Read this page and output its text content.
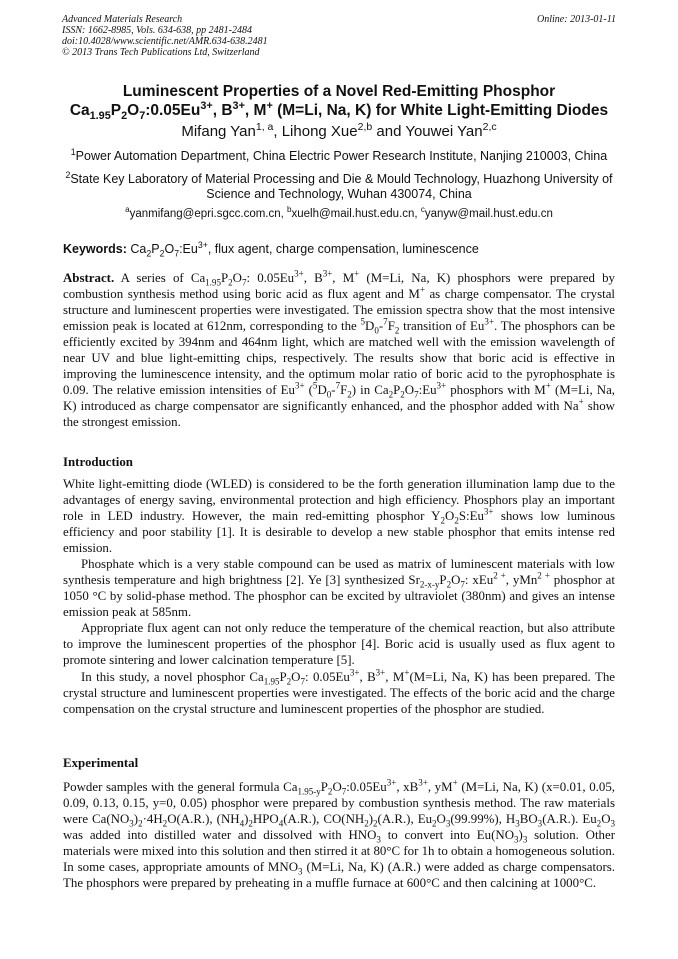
Advanced Materials Research
ISSN: 1662-8985, Vols. 634-638, pp 2481-2484
doi:10.4028/www.scientific.net/AMR.634-638.2481
© 2013 Trans Tech Publications Ltd, Switzerland
Online: 2013-01-11
Luminescent Properties of a Novel Red-Emitting Phosphor
$Ca_{1.95}P_2O_7:0.05Eu^{3+}$, $B^{3+}$, M+ (M=Li, Na, K) for White Light-Emitting Diodes
Mifang Yan$^{1, a}$, Lihong Xue$^{2,b}$ and Youwei Yan$^{2,c}$
$^1$Power Automation Department, China Electric Power Research Institute, Nanjing 210003, China
$^2$State Key Laboratory of Material Processing and Die & Mould Technology, Huazhong University of Science and Technology, Wuhan 430074, China
$^a$yanmifang@epri.sgcc.com.cn, $^b$xuelh@mail.hust.edu.cn, $^c$yanyw@mail.hust.edu.cn
Keywords: $Ca_2P_2O_7:Eu^{3+}$, flux agent, charge compensation, luminescence
Abstract. A series of $Ca_{1.95}P_2O_7$: $0.05Eu^{3+}$, $B^{3+}$, M+ (M=Li, Na, K) phosphors were prepared by combustion synthesis method using boric acid as flux agent and M+ as charge compensator. The crystal structure and luminescent properties were investigated. The emission spectra show that the most intensive emission peak is located at 612nm, corresponding to the $^5D_0-^7F_2$ transition of $Eu^{3+}$. The phosphors can be efficiently excited by 394nm and 464nm light, which are matched well with the emission wavelength of near UV and blue light-emitting chips, respectively. The results show that boric acid is effective in improving the luminescence intensity, and the optimum molar ratio of boric acid to the pyrophosphate is 0.09. The relative emission intensities of $Eu^{3+}$ $(^5D_0-^7F_2)$ in $Ca_2P_2O_7:Eu^{3+}$ phosphors with M+ (M=Li, Na, K) introduced as charge compensator are significantly enhanced, and the phosphor added with Na+ show the strongest emission.
Introduction
White light-emitting diode (WLED) is considered to be the forth generation illumination lamp due to the advantages of energy saving, environmental protection and high efficiency. Phosphors play an important role in LED industry. However, the main red-emitting phosphor $Y_2O_2S:Eu^{3+}$ shows low luminous efficiency and poor stability [1]. It is desirable to develop a new stable phosphor that emits intense red emission.
Phosphate which is a very stable compound can be used as matrix of luminescent materials with low synthesis temperature and high brightness [2]. Ye [3] synthesized $Sr_{2-x-y}P_2O_7$: xEu$^{2 +}$, yMn$^{2 +}$ phosphor at 1050 °C by solid-phase method. The phosphor can be excited by ultraviolet (380nm) and gives an intense emission peak at 585nm.
Appropriate flux agent can not only reduce the temperature of the chemical reaction, but also attribute to improve the luminescent properties of the phosphor [4]. Boric acid is usually used as flux agent to promote sintering and lower calcination temperature [5].
In this study, a novel phosphor $Ca_{1.95}P_2O_7$: $0.05Eu^{3+}$, $B^{3+}$, M+(M=Li, Na, K) has been prepared. The crystal structure and luminescent properties were investigated. The effects of the boric acid and the charge compensation on the crystal structure and luminescent properties of the phosphor are studied.
Experimental
Powder samples with the general formula $Ca_{1.95-y}P_2O_7:0.05Eu^{3+}$, $xB^{3+}$, yM+ (M=Li, Na, K) (x=0.01, 0.05, 0.09, 0.13, 0.15, y=0, 0.05) phosphor were prepared by combustion synthesis method. The raw materials were $Ca(NO_3)_2\cdot 4H_2O(A.R.)$, $(NH_4)_2HPO_4(A.R.)$, $CO(NH_2)_2(A.R.)$, $Eu_2O_3(99.99\%)$, $H_3BO_3(A.R.)$. $Eu_2O_3$ was added into distilled water and dissolved with $HNO_3$ to convert into $Eu(NO_3)_3$ solution. Other materials were mixed into this solution and then stirred it at 80°C for 1h to obtain a homogeneous solution. In some cases, appropriate amounts of $MNO_3$ (M=Li, Na, K) (A.R.) were added as charge compensators. The phosphors were prepared by preheating in a muffle furnace at 600°C and then calcining at 1000°C.
